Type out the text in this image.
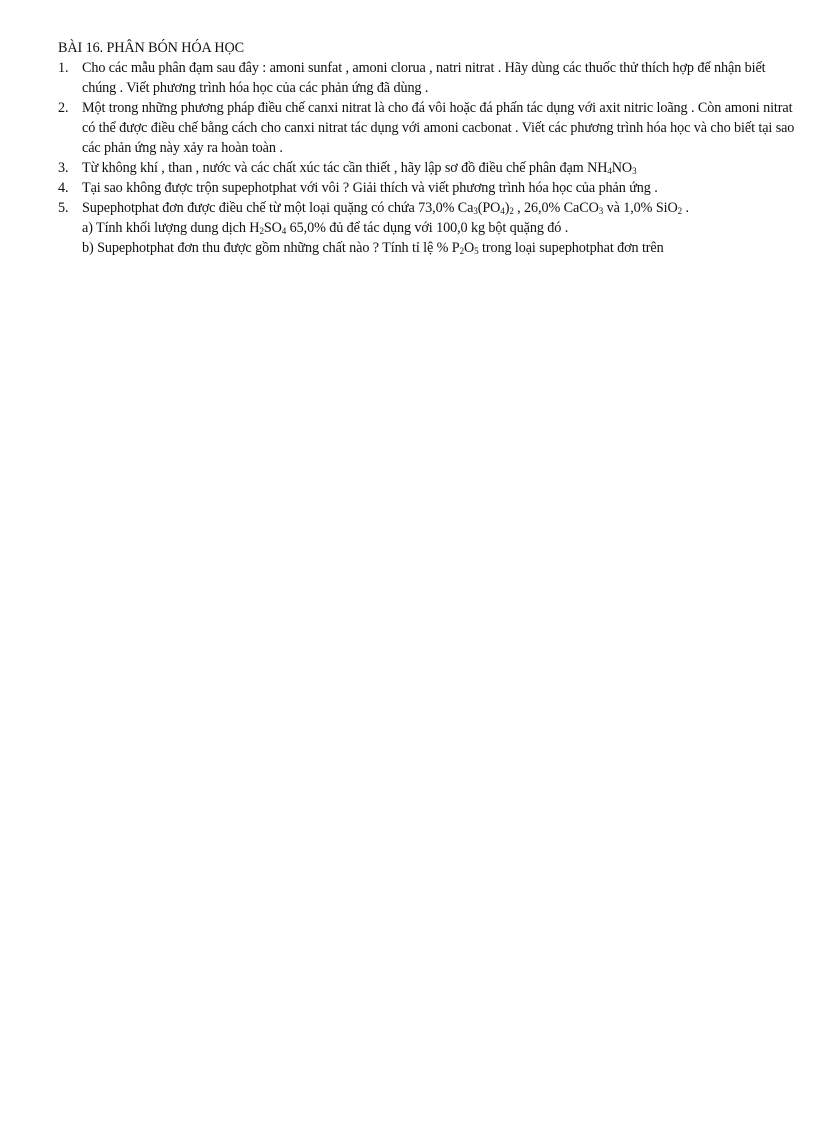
BÀI 16. PHÂN BÓN HÓA HỌC
1. Cho các mẫu phân đạm sau đây : amoni sunfat , amoni clorua , natri nitrat . Hãy dùng các thuốc thử thích hợp để nhận biết chúng . Viết phương trình hóa học của các phản ứng đã dùng .
2. Một trong những phương pháp điều chế canxi nitrat là cho đá vôi hoặc đá phấn tác dụng với axit nitric loãng . Còn amoni nitrat có thể được điều chế bằng cách cho canxi nitrat tác dụng với amoni cacbonat . Viết các phương trình hóa học và cho biết tại sao các phản ứng này xảy ra hoàn toàn .
3. Từ không khí , than , nước và các chất xúc tác cần thiết , hãy lập sơ đồ điều chế phân đạm $NH_4NO_3$
4. Tại sao không được trộn supephotphat với vôi ? Giải thích và viết phương trình hóa học của phản ứng .
5. Supephotphat đơn được điều chế từ một loại quặng có chứa 73,0% $Ca_3(PO_4)_2$ , 26,0% CaCO$_3$ và 1,0% SiO$_2$ .
a) Tính khối lượng dung dịch $H_2SO_4$ 65,0% đủ để tác dụng với 100,0 kg bột quặng đó .
b) Supephotphat đơn thu được gồm những chất nào ? Tính tỉ lệ % $P_2O_5$ trong loại supephotphat đơn trên
